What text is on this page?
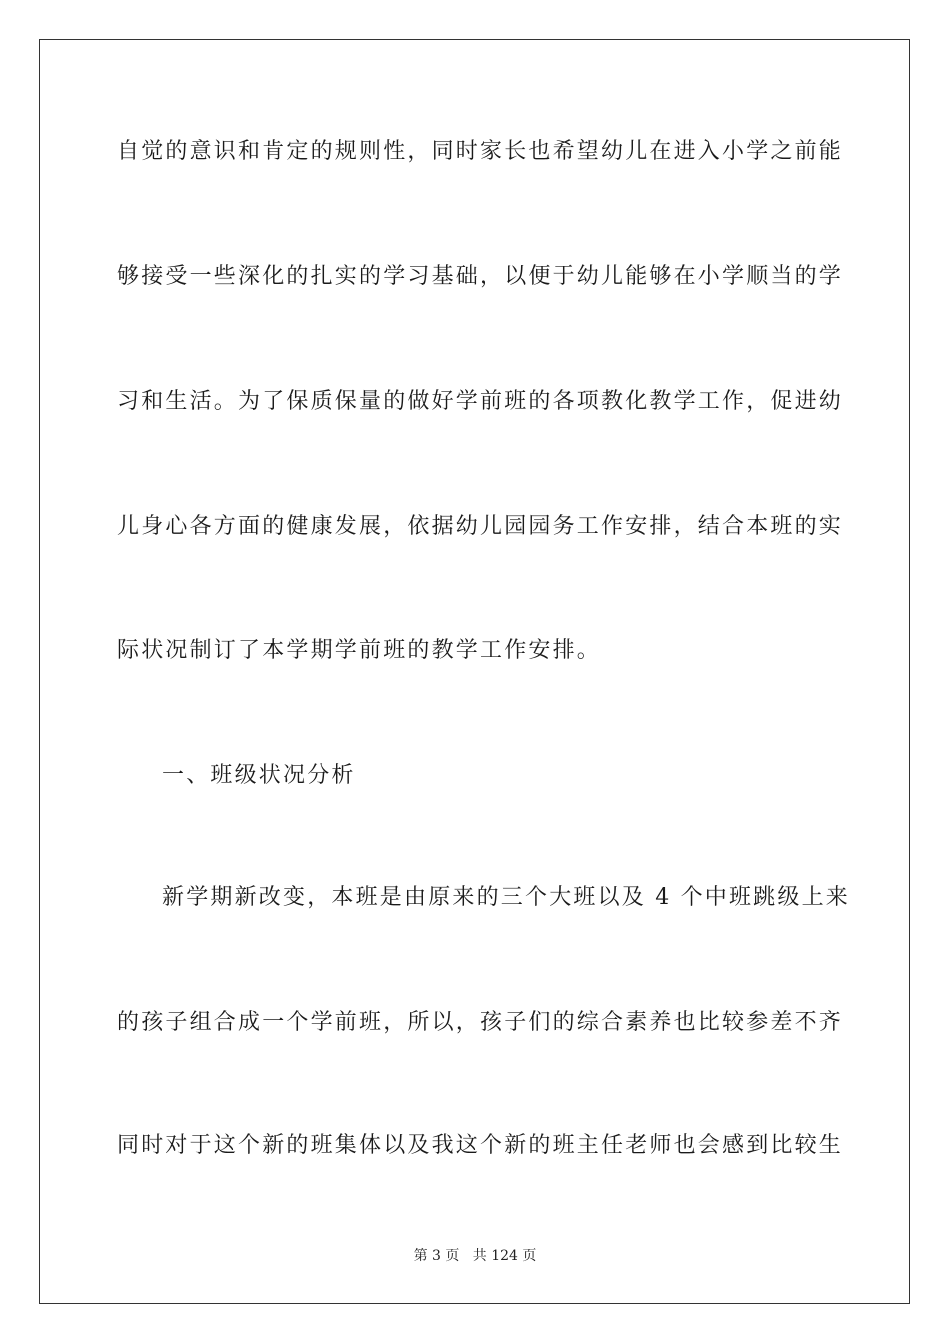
自觉的意识和肯定的规则性，同时家长也希望幼儿在进入小学之前能
够接受一些深化的扎实的学习基础，以便于幼儿能够在小学顺当的学
习和生活。为了保质保量的做好学前班的各项教化教学工作，促进幼
儿身心各方面的健康发展，依据幼儿园园务工作安排，结合本班的实
际状况制订了本学期学前班的教学工作安排。
一、班级状况分析
新学期新改变，本班是由原来的三个大班以及 4 个中班跳级上来
的孩子组合成一个学前班，所以，孩子们的综合素养也比较参差不齐
同时对于这个新的班集体以及我这个新的班主任老师也会感到比较生
第 3 页 共 124 页
